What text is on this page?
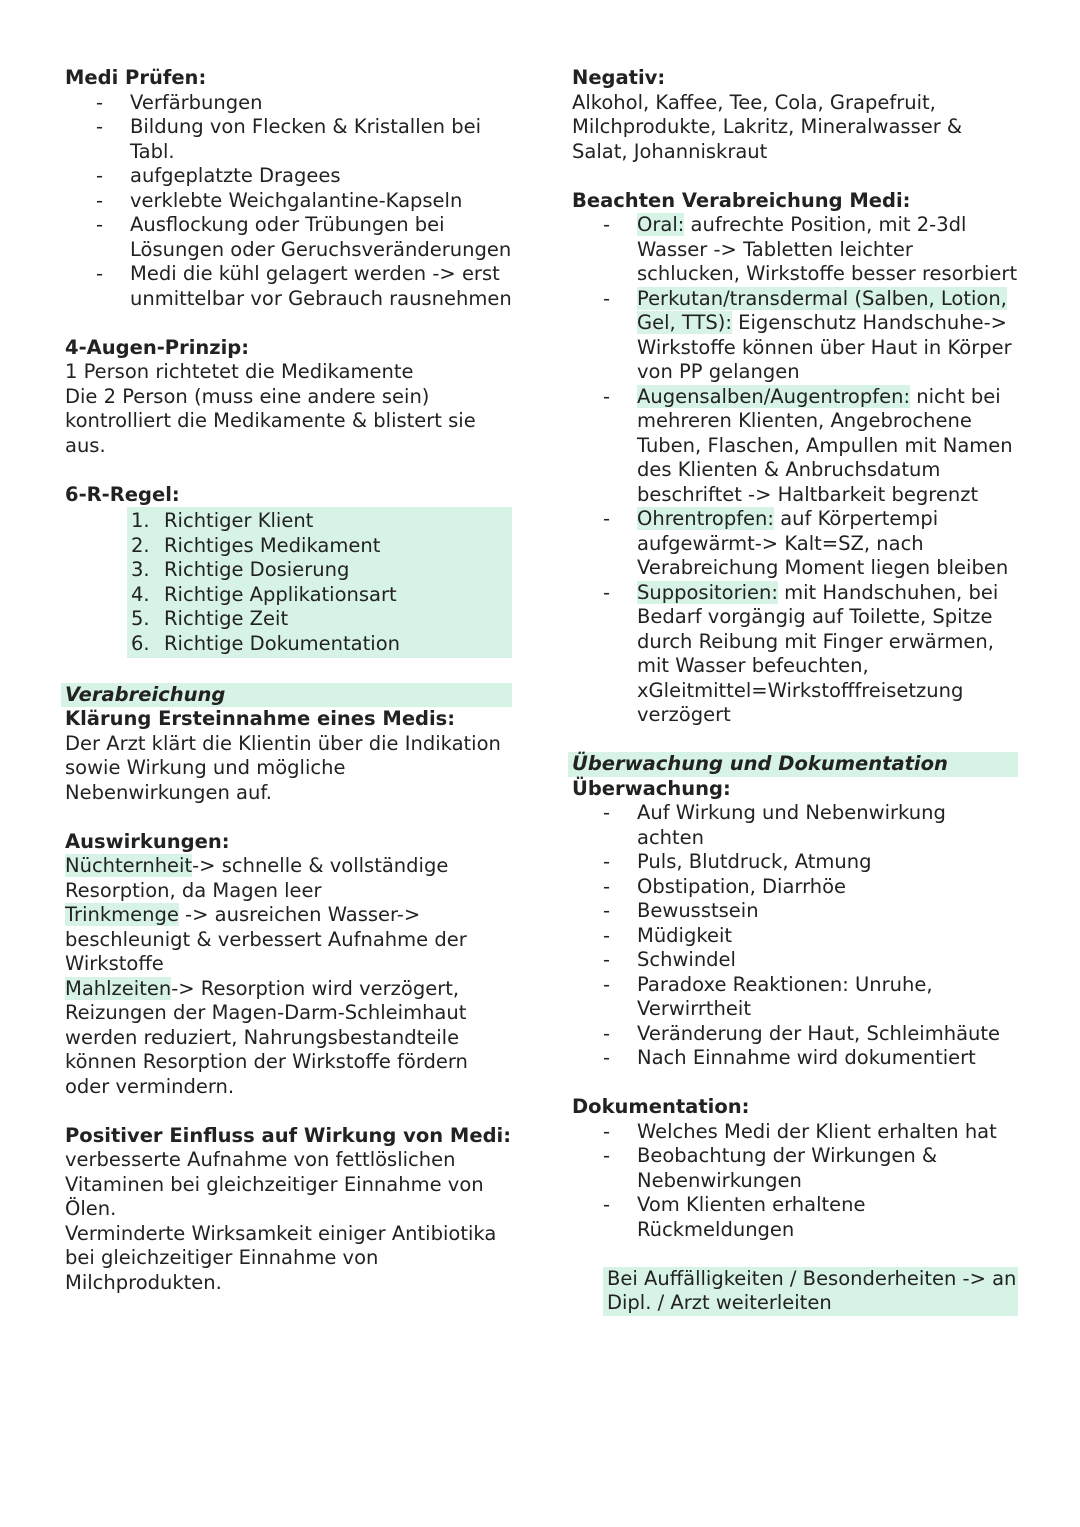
Medi Prüfen:
- Verfärbungen
- Bildung von Flecken & Kristallen bei Tabl.
- aufgeplatzte Dragees
- verklebte Weichgalantine-Kapseln
- Ausflockung oder Trübungen bei Lösungen oder Geruchsveränderungen
- Medi die kühl gelagert werden -> erst unmittelbar vor Gebrauch rausnehmen
4-Augen-Prinzip:
1 Person richtetet die Medikamente
Die 2 Person (muss eine andere sein) kontrolliert die Medikamente & blistert sie aus.
6-R-Regel:
1. Richtiger Klient
2. Richtiges Medikament
3. Richtige Dosierung
4. Richtige Applikationsart
5. Richtige Zeit
6. Richtige Dokumentation
Verabreichung
Klärung Ersteinnahme eines Medis:
Der Arzt klärt die Klientin über die Indikation sowie Wirkung und mögliche Nebenwirkungen auf.
Auswirkungen:
Nüchternheit-> schnelle & vollständige Resorption, da Magen leer
Trinkmenge -> ausreichen Wasser-> beschleunigt & verbessert Aufnahme der Wirkstoffe
Mahlzeiten-> Resorption wird verzögert, Reizungen der Magen-Darm-Schleimhaut werden reduziert, Nahrungsbestandteile können Resorption der Wirkstoffe fördern oder vermindern.
Positiver Einfluss auf Wirkung von Medi:
verbesserte Aufnahme von fettlöslichen Vitaminen bei gleichzeitiger Einnahme von Ölen.
Verminderte Wirksamkeit einiger Antibiotika bei gleichzeitiger Einnahme von Milchprodukten.
Negativ:
Alkohol, Kaffee, Tee, Cola, Grapefruit, Milchprodukte, Lakritz, Mineralwasser & Salat, Johanniskraut
Beachten Verabreichung Medi:
- Oral: aufrechte Position, mit 2-3dl Wasser -> Tabletten leichter schlucken, Wirkstoffe besser resorbiert
- Perkutan/transdermal (Salben, Lotion, Gel, TTS): Eigenschutz Handschuhe-> Wirkstoffe können über Haut in Körper von PP gelangen
- Augensalben/Augentropfen: nicht bei mehreren Klienten, Angebrochene Tuben, Flaschen, Ampullen mit Namen des Klienten & Anbruchsdatum beschriftet -> Haltbarkeit begrenzt
- Ohrentropfen: auf Körpertempi aufgewärmt-> Kalt=SZ, nach Verabreichung Moment liegen bleiben
- Suppositorien: mit Handschuhen, bei Bedarf vorgängig auf Toilette, Spitze durch Reibung mit Finger erwärmen, mit Wasser befeuchten, xGleitmittel=Wirkstofffreisetzung verzögert
Überwachung und Dokumentation
Überwachung:
- Auf Wirkung und Nebenwirkung achten
- Puls, Blutdruck, Atmung
- Obstipation, Diarrhöe
- Bewusstsein
- Müdigkeit
- Schwindel
- Paradoxe Reaktionen: Unruhe, Verwirrtheit
- Veränderung der Haut, Schleimhäute
- Nach Einnahme wird dokumentiert
Dokumentation:
- Welches Medi der Klient erhalten hat
- Beobachtung der Wirkungen & Nebenwirkungen
- Vom Klienten erhaltene Rückmeldungen
Bei Auffälligkeiten / Besonderheiten -> an Dipl. / Arzt weiterleiten
